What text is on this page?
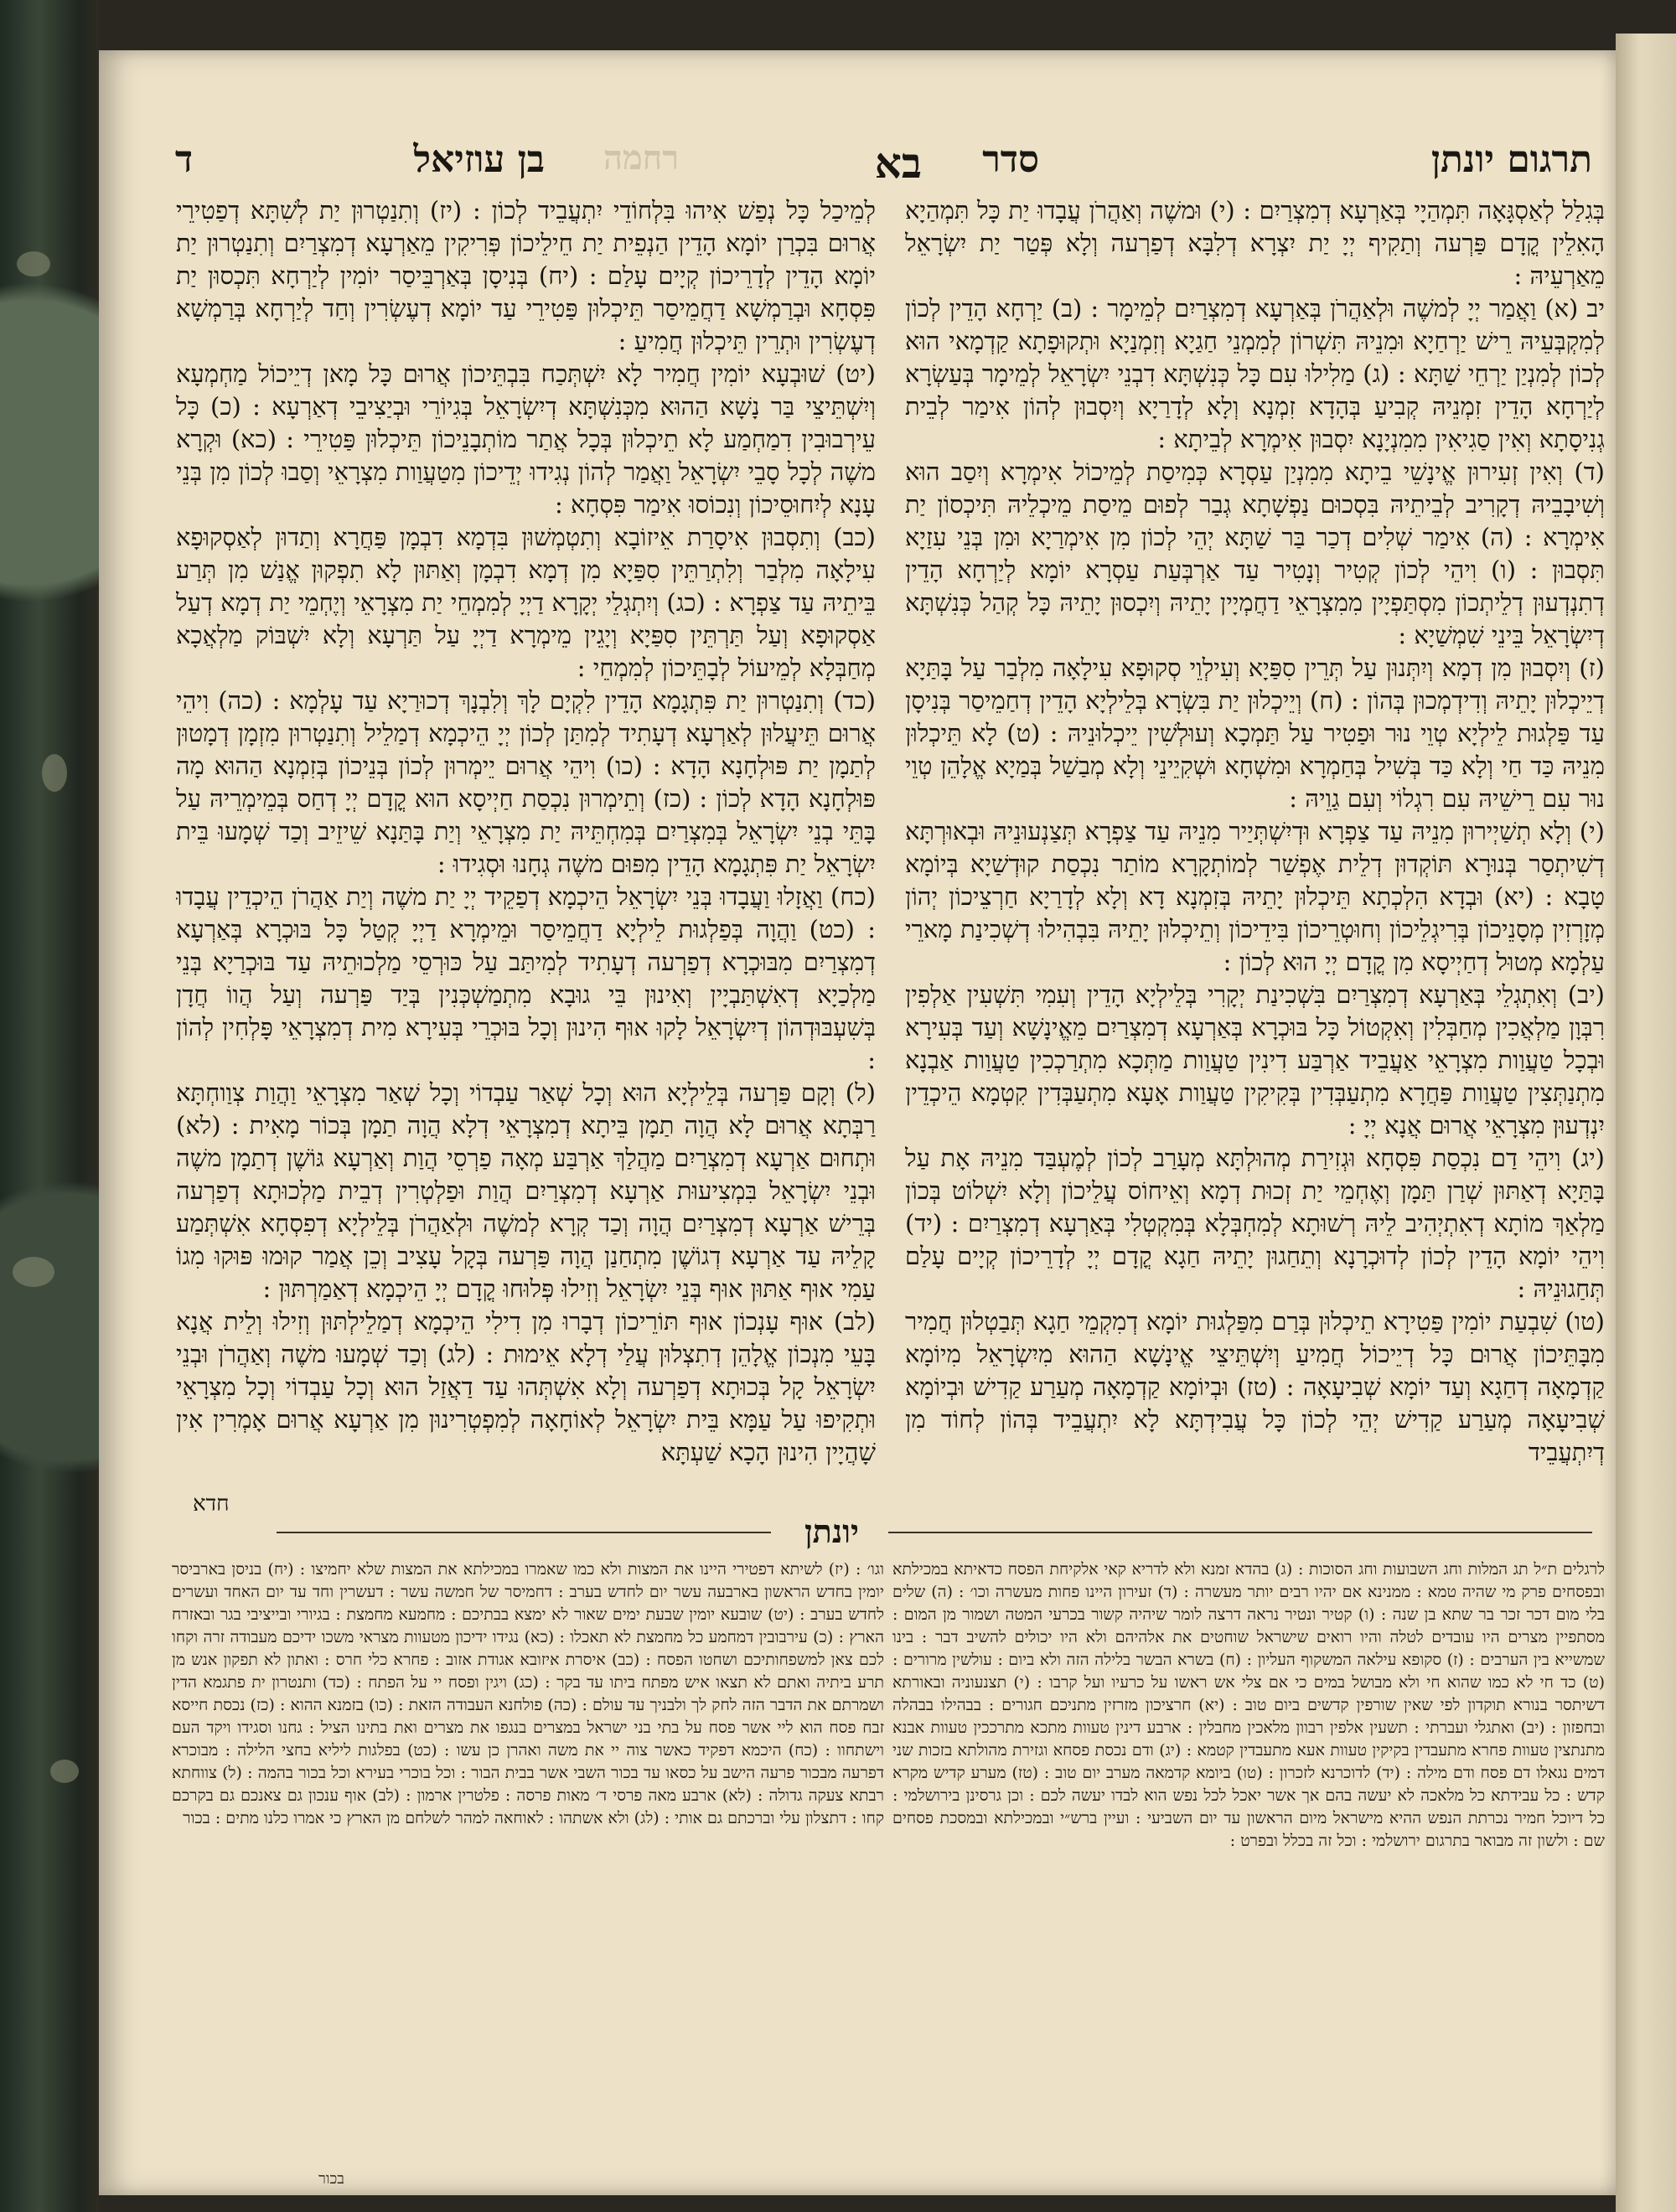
תרגום יונתן
סדר
בא
רחמה
בן עוזיאל
ד

בְּגִלַל לְאַסְגָּאָה תִּמְהַיָי בְּאַרְעָא דְמִצְרַיִם : (י) וּמשֶׁה וְאַהֲרֹן עֲבָדוּ יַת כָּל תִּמְהַיָא הָאִלֵין קֳדָם פַּרְעה וְתַקִיף יְיָ יַת יִצְרָא דְלִבָּא דְפַרְעה וְלָא פְּטַר יַת יִשְׂרָאֵל מֵאַרְעֵיהּ :

יב (א) וַאֲמַר יְיָ לְמשֶׁה וּלְאַהֲרֹן בְּאַרְעָא דְמִצְרַיִם לְמֵימָר : (ב) יַרְחָא הָדֵין לְכוֹן לְמִקְבְּעֵיהּ רֵישׁ יַרְחַיָא וּמִנֵיהּ תִּשְׁרוֹן לְמִמְנֵי חַגַיָא וְזִמְנַיָא וּתְקוּפָתָא קַדְמָאי הוּא לְכוֹן לְמִנְיַן יַרְחֵי שַׁתָּא : (ג) מַלִילוּ עִם כָּל כְּנִשְׁתָּא דִבְנֵי יִשְׂרָאֵל לְמֵימָר בְּעַשְׂרָא לְיַרְחָא הָדֵין זִמְנֵיהּ קְבִיעַ בְּהָדָא זִמְנָא וְלָא לְדָרַיָא וְיִסְבוּן לְהוֹן אִימַר לְבֵית גְנִיסָתָא וְאִין סַגִיאִין מִמִנְיָנָא יִסְבוּן אִימְרָא לְבֵיתָא :

(ד) וְאִין זְעִירוּן אֱינָשֵׁי בֵיתָא מִמִנְיַן עַסְרָא כְּמִיסַת לְמֵיכוֹל אִימְרָא וְיִסַב הוּא וְשִׁיבָבֵיהּ דְקָרִיב לְבֵיתֵיהּ בִּסְכוּם נַפְשָׁתָא גְבַר לְפוּם מֵיסַת מֵיכְלֵיהּ תִּיכְסוֹן יַת אִימְרָא : (ה) אִימַר שְׁלִים דְכַר בַּר שַׁתָּא יְהֵי לְכוֹן מִן אִימְרַיָא וּמִן בְּנֵי עִזַיָא תִּסְבוּן : (ו) וִיהֵי לְכוֹן קְטִיר וְנָטִיר עַד אַרְבְּעַת עַסְרָא יוֹמָא לְיַרְחָא הָדֵין דְתִנְדְעוּן דְלֵיתְכוֹן מִסְתַּפְיָין מִמִצְרָאֵי דַחֲמְיָין יָתֵיהּ וְיִכְסוּן יָתֵיהּ כָּל קְהַל כְּנִשְׁתָּא דְיִשְׂרָאֵל בֵּינֵי שִׁמְשַׁיָא :

(ז) וְיִסְבוּן מִן דְמָא וְיִתְּנוּן עַל תְּרֵין סִפַּיָא וְעִילְוֵי סְקוּפָא עִילָאָה מִלְבַר עַל בָּתַּיָא דְיֵיכְלוּן יָתֵיהּ וְדִידְמְכוּן בְּהוֹן : (ח) וְיֵיכְלוּן יַת בִּשְׂרָא בְּלֵילְיָא הָדֵין דְחַמֵיסַר בְּנִיסָן עַד פַּלְגוּת לֵילְיָא טְוֵי נוּר וּפַטִיר עַל תַּמְכָא וְעוּלְשִׁין יֵיכְלוּנֵיהּ : (ט) לָא תֵּיכְלוּן מִנֵיהּ כַּד חַי וְלָא כַּד בְּשִׁיל בְּחַמְרָא וּמִשְׁחָא וּשְׁקִיֵינֵי וְלָא מְבַשַׁל בְּמַיָא אֱלָהֵן טְוֵי נוּר עִם רֵישֵׁיהּ עִם רִגְלוֹי וְעִם גַוֵיהּ :

(י) וְלָא תְשַׁיְירוּן מִנֵיהּ עַד צַפְרָא וּדְיִשְׁתְּיַיר מִנֵיהּ עַד צַפְרָא תְּצַנְעוּנֵיהּ וּבְאוּרְתָּא דְשִׁיתְסַר בְּנוּרָא תּוֹקְדוּן דְלֵית אֶפְשַׁר לְמוֹתְקָרָא מוֹתַר נִכְסַת קוּדְשַׁיָא בְּיוֹמָא טָבָא : (יא) וּבְדָא הִלְכְתָא תֵּיכְלוּן יָתֵיהּ בְּזִמְנָא דָא וְלָא לְדָרַיָא חַרְצֵיכוֹן יְהוֹן מְזָרְזִין מְסָנֵיכוֹן בְּרִיגְלֵיכוֹן וְחוּטְרֵיכוֹן בִּידֵיכוֹן וְתֵיכְלוּן יָתֵיהּ בִּבְהִילוּ דְשְׁכִינַת מָארֵי עַלְמָא מְטוּל דְחַיְיסָא מִן קֳדָם יְיָ הוּא לְכוֹן :

(יב) וְאִתְגְלֵי בְּאַרְעָא דְמִצְרַיִם בִּשְׁכִינַת יְקָרִי בְּלֵילְיָא הָדֵין וְעִמִי תִּשְׁעִין אַלְפִין רִבְּוָן מַלְאֲכִין מְחַבְּלִין וְאִקְטוֹל כָּל בּוּכְרָא בְּאַרְעָא דְמִצְרַיִם מֵאֱינָשָׁא וְעַד בְּעִירָא וּבְכָל טַעֲוַות מִצְרָאֵי אַעֲבֵיד אַרְבַּע דִינִין טַעֲוַות מַתְּכָא מִתְרַכְכִין טַעֲוַות אַבְנָא מִתְנַתְּצִין טַעֲוַות פַּחֲרָא מִתְעַבְּדִין בְּקִיקִין טַעֲוַות אָעָא מִתְעַבְּדִין קִטְמָא הֵיכְדֵין יִנְדְעוּן מִצְרָאֵי אֲרוּם אֲנָא יְיָ :

(יג) וִיהֵי דַם נִכְסַת פִּסְחָא וּגְזִירַת מְהוּלְתָּא מְעָרַב לְכוֹן לְמֶעְבַּד מִנֵיהּ אָת עַל בָּתַּיָא דְאַתּוּן שְׁרַן תַּמָן וְאֶחְמֵי יַת זְכוּת דְמָא וְאֵיחוֹס עֲלֵיכוֹן וְלָא יִשְׁלוֹט בְּכוֹן מַלְאַךְ מוֹתָא דְאִתְיְהִיב לֵיהּ רְשׁוּתָא לְמִחְבְּלָא בְּמִקְטְלִי בְּאַרְעָא דְמִצְרַיִם : (יד) וִיהֵי יוֹמָא הָדֵין לְכוֹן לְדוּכְרָנָא וְתֵחַגוּן יָתֵיהּ חַגָא קֳדָם יְיָ לְדָרֵיכוֹן קְיָים עָלַם תְּחַגוּנֵיהּ :

(טו) שִׁבְעַת יוֹמִין פַּטִירָא תֵיכְלוּן בְּרַם מִפַּלְגוּת יוֹמָא דְמִקְמֵי חַגָא תְּבַטְלוּן חֲמִיר מִבָּתֵּיכוֹן אֲרוּם כָּל דְיֵיכוֹל חֲמִיעַ וְיִשְׁתֵּיצֵי אֱינָשָׁא הַהוּא מִיִשְׂרָאֵל מִיוֹמָא קַדְמָאָה דְחַגָא וְעַד יוֹמָא שְׁבִיעָאָה : (טז) וּבְיוֹמָא קַדְמָאָה מְעַרַע קַדִישׁ וּבְיוֹמָא שְׁבִיעָאָה מְעַרַע קַדִישׁ יְהֵי לְכוֹן כָּל עֲבִידְתָּא לָא יִתְעֲבֵיד בְּהוֹן לְחוֹד מִן דְיִתְעֲבֵיד

לְמֵיכַל כָּל נְפַשׁ אִיהוּ בִּלְחוֹדֵי יִתְעֲבֵיד לְכוֹן : (יז) וְתִנַטְרוּן יַת לְשִׁתָּא דְפַטִירֵי אֲרוּם בִּכְרַן יוֹמָא הָדֵין הַנְפֵית יַת חֵילֵיכוֹן פְּרִיקִין מֵאַרְעָא דְמִצְרַיִם וְתִנַטְרוּן יַת יוֹמָא הָדֵין לְדָרֵיכוֹן קְיָים עָלַם : (יח) בְּנִיסָן בְּאַרְבֵּיסַר יוֹמִין לְיַרְחָא תִּכְסוּן יַת פִּסְחָא וּבְרַמְשָׁא דַחֲמֵיסַר תֵּיכְלוּן פַּטִירֵי עַד יוֹמָא דְעֶשְׂרִין וְחַד לְיַרְחָא בְּרַמְשָׁא דְעֶשְׂרִין וּתְרֵין תֵּיכְלוּן חֲמִיעַ :

(יט) שׁוּבְעָא יוֹמִין חֲמִיר לָא יִשְׁתְּכַח בִּבְתֵּיכוֹן אֲרוּם כָּל מָאן דְיֵיכוֹל מַחְמְעָא וְיִשְׁתֵּיצֵי בַּר נָשָׁא הַהוּא מִכְּנִשְׁתָּא דְיִשְׂרָאֵל בְּגִיוֹרֵי וּבְיַצִיבֵי דְאַרְעָא : (כ) כָּל עֵירְבוּבִין דִמַחְמַע לָא תֵיכְלוּן בְּכָל אֲתַר מוֹתְבָנֵיכוֹן תֵּיכְלוּן פַּטִירֵי : (כא) וּקְרָא משֶׁה לְכָל סָבֵי יִשְׂרָאֵל וַאֲמַר לְהוֹן נְגִידוּ יְדֵיכוֹן מִטַעֲוַות מִצְרָאֵי וְסַבוּ לְכוֹן מִן בְּנֵי עָנָא לְיִחוּסֵיכוֹן וְנִכוֹסוּ אִימַר פִּסְחָא :

(כב) וְתִסְבוּן אִיסָרַת אֵיזוֹבָא וְתִטְמְשׁוּן בִּדְמָא דִבְמָן פַּחֲרָא וְתַדוּן לְאַסְקוּפָא עִילָאָה מִלְבַר וְלִתְרַתֵּין סִפַּיָא מִן דְמָא דִבְמָן וְאַתּוּן לָא תִפְקוּן אֱנַשׁ מִן תְּרַע בֵּיתֵיהּ עַד צַפְרָא : (כג) וְיִתְגְלֵי יְקָרָא דַיְיָ לְמִמְחֵי יַת מִצְרָאֵי וְיֶחְמֵי יַת דְמָא דְעַל אַסְקוּפָא וְעַל תַּרְתֵּין סִפַּיָא וְיָגֵין מֵימְרָא דַיְיָ עַל תַּרְעָא וְלָא יִשְׁבּוֹק מַלְאֲכָא מְחַבְּלָא לְמֵיעוֹל לְבָתֵּיכוֹן לְמִמְחֵי :

(כד) וְתִנַטְרוּן יַת פִּתְגָמָא הָדֵין לִקְיָם לָךְ וְלִבְנָךְ דְכוּרַיָא עַד עָלְמָא : (כה) וִיהֵי אֲרוּם תֵּיעֲלוּן לְאַרְעָא דְעָתִיד לְמִתַּן לְכוֹן יְיָ הֵיכְמָא דְמַלֵיל וְתִנַטְרוּן מִזְמָן דְמָטוּן לְתַמָן יַת פּוּלְחָנָא הָדָא : (כו) וִיהֵי אֲרוּם יֵימְרוּן לְכוֹן בְּנֵיכוֹן בְּזִמְנָא הַהוּא מָה פּוּלְחָנָא הָדָא לְכוֹן : (כז) וְתֵימְרוּן נִכְסַת חַיְיסָא הוּא קֳדָם יְיָ דְחַס בְּמֵימְרֵיהּ עַל בָּתֵּי בְנֵי יִשְׂרָאֵל בְּמִצְרַיִם בְּמִחְתֵּיהּ יַת מִצְרָאֵי וְיַת בָּתַּנָא שֵׁיזֵיב וְכַד שְׁמָעוּ בֵּית יִשְׂרָאֵל יַת פִּתְגָמָא הָדֵין מִפּוּם משֶׁה גְחָנוּ וּסְגִידוּ :

(כח) וַאֲזָלוּ וַעֲבָדוּ בְּנֵי יִשְׂרָאֵל הֵיכְמָא דְפַקֵיד יְיָ יַת משֶׁה וְיַת אַהֲרֹן הֵיכְדֵין עֲבָדוּ : (כט) וַהֲוָה בְּפַלְגוּת לֵילְיָא דַחֲמֵיסַר וּמֵימְרָא דַיְיָ קְטַל כָּל בּוּכְרָא בְּאַרְעָא דְמִצְרַיִם מִבּוּכְרָא דְפַרְעה דְעָתִיד לְמִיתַּב עַל כּוּרְסֵי מַלְכוּתֵיהּ עַד בּוּכְרַיָא בְּנֵי מַלְכַיָא דְאִשְׁתַּבְיָין וְאִינוּן בֵּי גוּבָא מִתְמַשְׁכְּנִין בְּיַד פַּרְעה וְעַל הֲווֹ חֲדָן בְּשִׁעְבּוּדְהוֹן דְיִשְׂרָאֵל לָקוּ אוּף הִינוּן וְכָל בּוּכְרֵי בְּעִירָא מִית דְמִצְרָאֵי פָּלְחִין לְהוֹן :

(ל) וְקָם פַּרְעה בְּלֵילְיָא הוּא וְכָל שְׁאַר עַבְדוֹי וְכָל שְׁאַר מִצְרָאֵי וַהֲוַת צְוַוחְתָּא רַבְּתָא אֲרוּם לָא הֲוָה תַמָן בֵּיתָא דְמִצְרָאֵי דְלָא הֲוָה תַמָן בְּכוֹר מָאִית : (לא) וּתְחוּם אַרְעָא דְמִצְרַיִם מַהֲלַךְ אַרְבַּע מְאָה פַרְסֵי הֲוַת וְאַרְעָא גּוֹשֶׁן דְתַמָן משֶׁה וּבְנֵי יִשְׂרָאֵל בִּמְצִיעוּת אַרְעָא דְמִצְרַיִם הֲוַת וּפַלְטְרִין דְבֵית מַלְכוּתָא דְפַרְעה בְּרֵישׁ אַרְעָא דְמִצְרַיִם הֲוָה וְכַד קְרָא לְמשֶׁה וּלְאַהֲרֹן בְּלֵילְיָא דְפִסְחָא אִשְׁתְּמַע קָלֵיהּ עַד אַרְעָא דְגוֹשֶׁן מִתְחַנַן הֲוָה פַּרְעה בְּקָל עָצִיב וְכֵן אֲמַר קוּמוּ פּוּקוּ מִגוֹ עַמִי אוּף אַתּוּן אוּף בְּנֵי יִשְׂרָאֵל וְזִילוּ פְּלוּחוּ קֳדָם יְיָ הֵיכְמָא דְאַמַרְתּוּן :

(לב) אוּף עָנְכוֹן אוּף תּוֹרֵיכוֹן דְבָרוּ מִן דִילִי הֵיכְמָא דְמַלֵילְתּוּן וְזִילוּ וְלֵית אֲנָא בָּעֵי מִנְכוֹן אֱלָהֵן דְתִצְלוּן עֲלַי דְלָא אֵימוּת : (לג) וְכַד שְׁמָעוּ משֶׁה וְאַהֲרֹן וּבְנֵי יִשְׂרָאֵל קָל בְּכוּתָא דְפַרְעה וְלָא אִשְׁתְּהוּ עַד דַאֲזַל הוּא וְכָל עַבְדוֹי וְכָל מִצְרָאֵי וּתְקִיפוּ עַל עַמָּא בֵּית יִשְׂרָאֵל לְאוֹחָאָה לְמִפְטְרִינוּן מִן אַרְעָא אֲרוּם אָמְרִין אִין שָׁהֲיָין הִינוּן הָכָא שַׁעְתָּא

חדא
יונתן
לרגלים ת״ל תג המלות וחג השבועות וחג הסוכות : (ג) בהדא זמנא ולא לדריא קאי אלקיחת הפסח כדאיתא במכילתא ובפסחים פרק מי שהיה טמא : ממנינא אם יהיו רבים יותר מעשרה : (ד) זעירון היינו פחות מעשרה וכו׳ : (ה) שלים בלי מום דכר זכר בר שתא בן שנה : (ו) קטיר ונטיר נראה דרצה לומר שיהיה קשור בכרעי המטה ושמור מן המום : מסתפיין מצרים היו עובדים לטלה והיו רואים שישראל שוחטים את אלהיהם ולא היו יכולים להשיב דבר : בינו שמשייא בין הערבים : (ז) סקופא עילאה המשקוף העליון : (ח) בשרא הבשר בלילה הזה ולא ביום : עולשין מרורים : (ט) כד חי לא כמו שהוא חי ולא מבושל במים כי אם צלי אש ראשו על כרעיו ועל קרבו : (י) תצנעוניה ובאורתא דשיתסר בנורא תוקדון לפי שאין שורפין קדשים ביום טוב : (יא) חרציכון מזרזין מתניכם חגורים : בבהילו בבהלה ובחפזון : (יב) ואתגלי ועברתי : תשעין אלפין רבוון מלאכין מחבלין : ארבע דינין טעוות מתכא מתרככין טעוות אבנא מתנתצין טעוות פחרא מתעבדין בקיקין טעוות אעא מתעבדין קטמא : (יג) ודם נכסת פסחא וגזירת מהולתא בזכות שני דמים נגאלו דם פסח ודם מילה : (יד) לדוכרנא לזכרון : (טו) ביומא קדמאה מערב יום טוב : (טז) מערע קדיש מקרא קדש : כל עבידתא כל מלאכה לא יעשה בהם אך אשר יאכל לכל נפש הוא לבדו יעשה לכם : וכן גרסינן בירושלמי : כל דיוכל חמיר נכרתת הנפש ההיא מישראל מיום הראשון עד יום השביעי : ועיין ברש״י ובמכילתא ובמסכת פסחים שם : ולשון זה מבואר בתרגום ירושלמי : וכל זה בכלל ובפרט :
וגו׳ : (יז) לשיתא דפטירי היינו את המצות ולא כמו שאמרו במכילתא את המצות שלא יחמיצו : (יח) בניסן בארביסר יומין בחדש הראשון בארבעה עשר יום לחדש בערב : דחמיסר של חמשה עשר : דעשרין וחד עד יום האחד ועשרים לחדש בערב : (יט) שובעא יומין שבעת ימים שאור לא ימצא בבתיכם : מחמעא מחמצת : בגיורי ובייציבי בגר ובאזרח הארץ : (כ) עירבובין דמחמע כל מחמצת לא תאכלו : (כא) נגידו ידיכון מטעוות מצראי משכו ידיכם מעבודה זרה וקחו לכם צאן למשפחותיכם ושחטו הפסח : (כב) איסרת איזובא אגודת אזוב : פחרא כלי חרס : ואתון לא תפקון אנש מן תרע ביתיה ואתם לא תצאו איש מפתח ביתו עד בקר : (כג) ויגין ופסח יי על הפתח : (כד) ותנטרון ית פתגמא הדין ושמרתם את הדבר הזה לחק לך ולבניך עד עולם : (כה) פולחנא העבודה הזאת : (כו) בזמנא ההוא : (כז) נכסת חייסא זבח פסח הוא ליי אשר פסח על בתי בני ישראל במצרים בנגפו את מצרים ואת בתינו הציל : גחנו וסגידו ויקד העם וישתחוו : (כח) היכמא דפקיד כאשר צוה יי את משה ואהרן כן עשו : (כט) בפלגות ליליא בחצי הלילה : מבוכרא דפרעה מבכור פרעה הישב על כסאו עד בכור השבי אשר בבית הבור : וכל בוכרי בעירא וכל בכור בהמה : (ל) צווחתא רבתא צעקה גדולה : (לא) ארבע מאה פרסי ד׳ מאות פרסה : פלטרין ארמון : (לב) אוף ענכון גם צאנכם גם בקרכם קחו : דתצלון עלי וברכתם גם אותי : (לג) ולא אשתהו : לאוחאה למהר לשלחם מן הארץ כי אמרו כלנו מתים : בכור
בכור
